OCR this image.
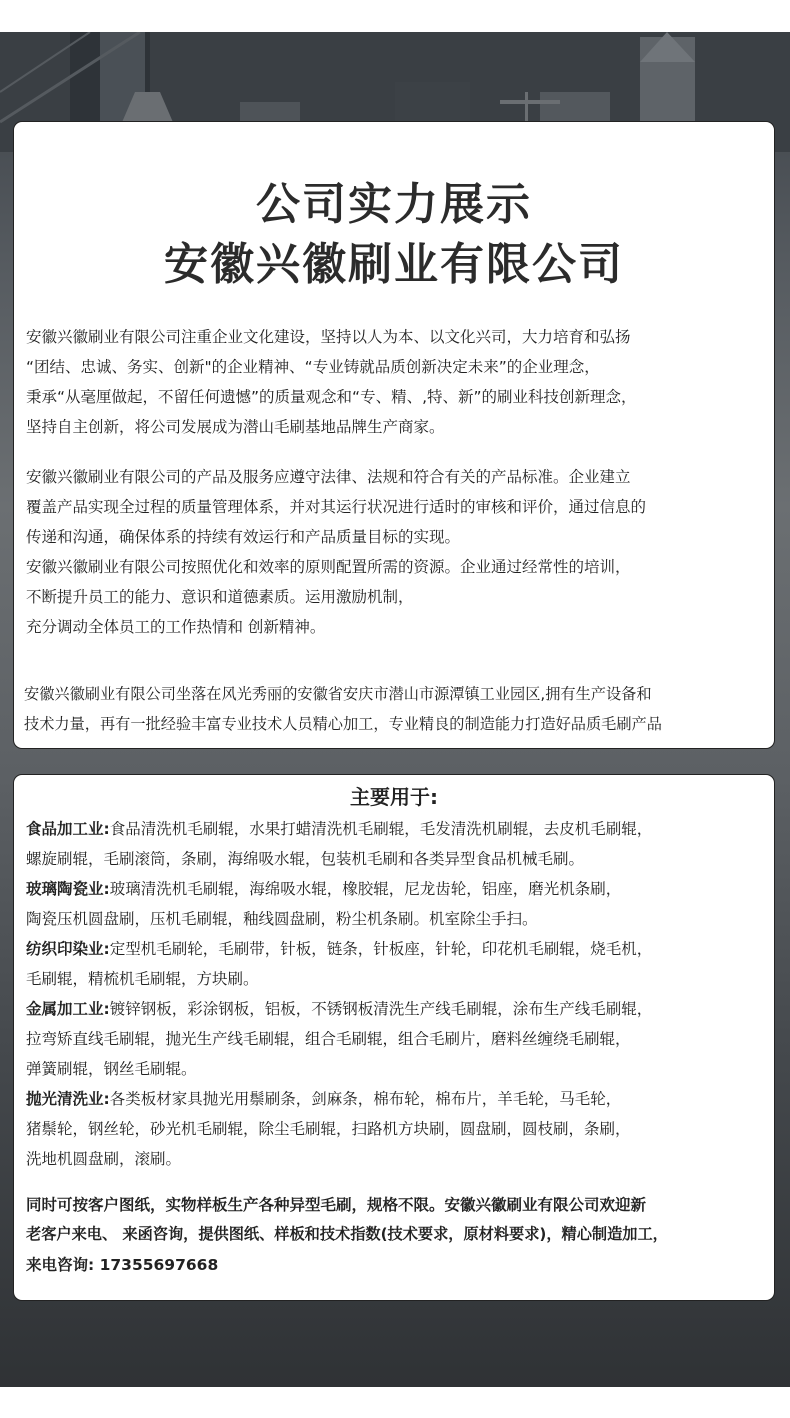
公司实力展示
安徽兴徽刷业有限公司
安徽兴徽刷业有限公司注重企业文化建设，坚持以人为本、以文化兴司，大力培育和弘扬
“团结、忠诚、务实、创新"的企业精神、“专业铸就品质创新决定未来”的企业理念，
秉承“从毫厘做起，不留任何遗憾”的质量观念和“专、精、,特、新”的刷业科技创新理念，
坚持自主创新，将公司发展成为潜山毛刷基地品牌生产商家。
安徽兴徽刷业有限公司的产品及服务应遵守法律、法规和符合有关的产品标准。企业建立
覆盖产品实现全过程的质量管理体系，并对其运行状况进行适时的审核和评价，通过信息的
传递和沟通，确保体系的持续有效运行和产品质量目标的实现。
安徽兴徽刷业有限公司按照优化和效率的原则配置所需的资源。企业通过经常性的培训，
不断提升员工的能力、意识和道德素质。运用激励机制，
充分调动全体员工的工作热情和 创新精神。
安徽兴徽刷业有限公司坐落在风光秀丽的安徽省安庆市潜山市源潭镇工业园区,拥有生产设备和
技术力量，再有一批经验丰富专业技术人员精心加工，专业精良的制造能力打造好品质毛刷产品
主要用于:
食品加工业:食品清洗机毛刷辊，水果打蜡清洗机毛刷辊，毛发清洗机刷辊，去皮机毛刷辊，
螺旋刷辊，毛刷滚筒，条刷，海绵吸水辊，包装机毛刷和各类异型食品机械毛刷。
玻璃陶瓷业:玻璃清洗机毛刷辊，海绵吸水辊，橡胶辊，尼龙齿轮，铝座，磨光机条刷，
陶瓷压机圆盘刷，压机毛刷辊，釉线圆盘刷，粉尘机条刷。机室除尘手扫。
纺织印染业:定型机毛刷轮，毛刷带，针板，链条，针板座，针轮，印花机毛刷辊，烧毛机，
毛刷辊，精梳机毛刷辊，方块刷。
金属加工业:镀锌钢板，彩涂钢板，铝板，不锈钢板清洗生产线毛刷辊，涂布生产线毛刷辊，
拉弯矫直线毛刷辊，抛光生产线毛刷辊，组合毛刷辊，组合毛刷片，磨料丝缠绕毛刷辊，
弹簧刷辊，钢丝毛刷辊。
抛光清洗业:各类板材家具抛光用鬃刷条，剑麻条，棉布轮，棉布片，羊毛轮，马毛轮，
猪鬃轮，钢丝轮，砂光机毛刷辊，除尘毛刷辊，扫路机方块刷，圆盘刷，圆枝刷，条刷，
洗地机圆盘刷，滚刷。
同时可按客户图纸，实物样板生产各种异型毛刷，规格不限。安徽兴徽刷业有限公司欢迎新
老客户来电、 来函咨询，提供图纸、样板和技术指数(技术要求，原材料要求)，精心制造加工，
来电咨询: 17355697668
